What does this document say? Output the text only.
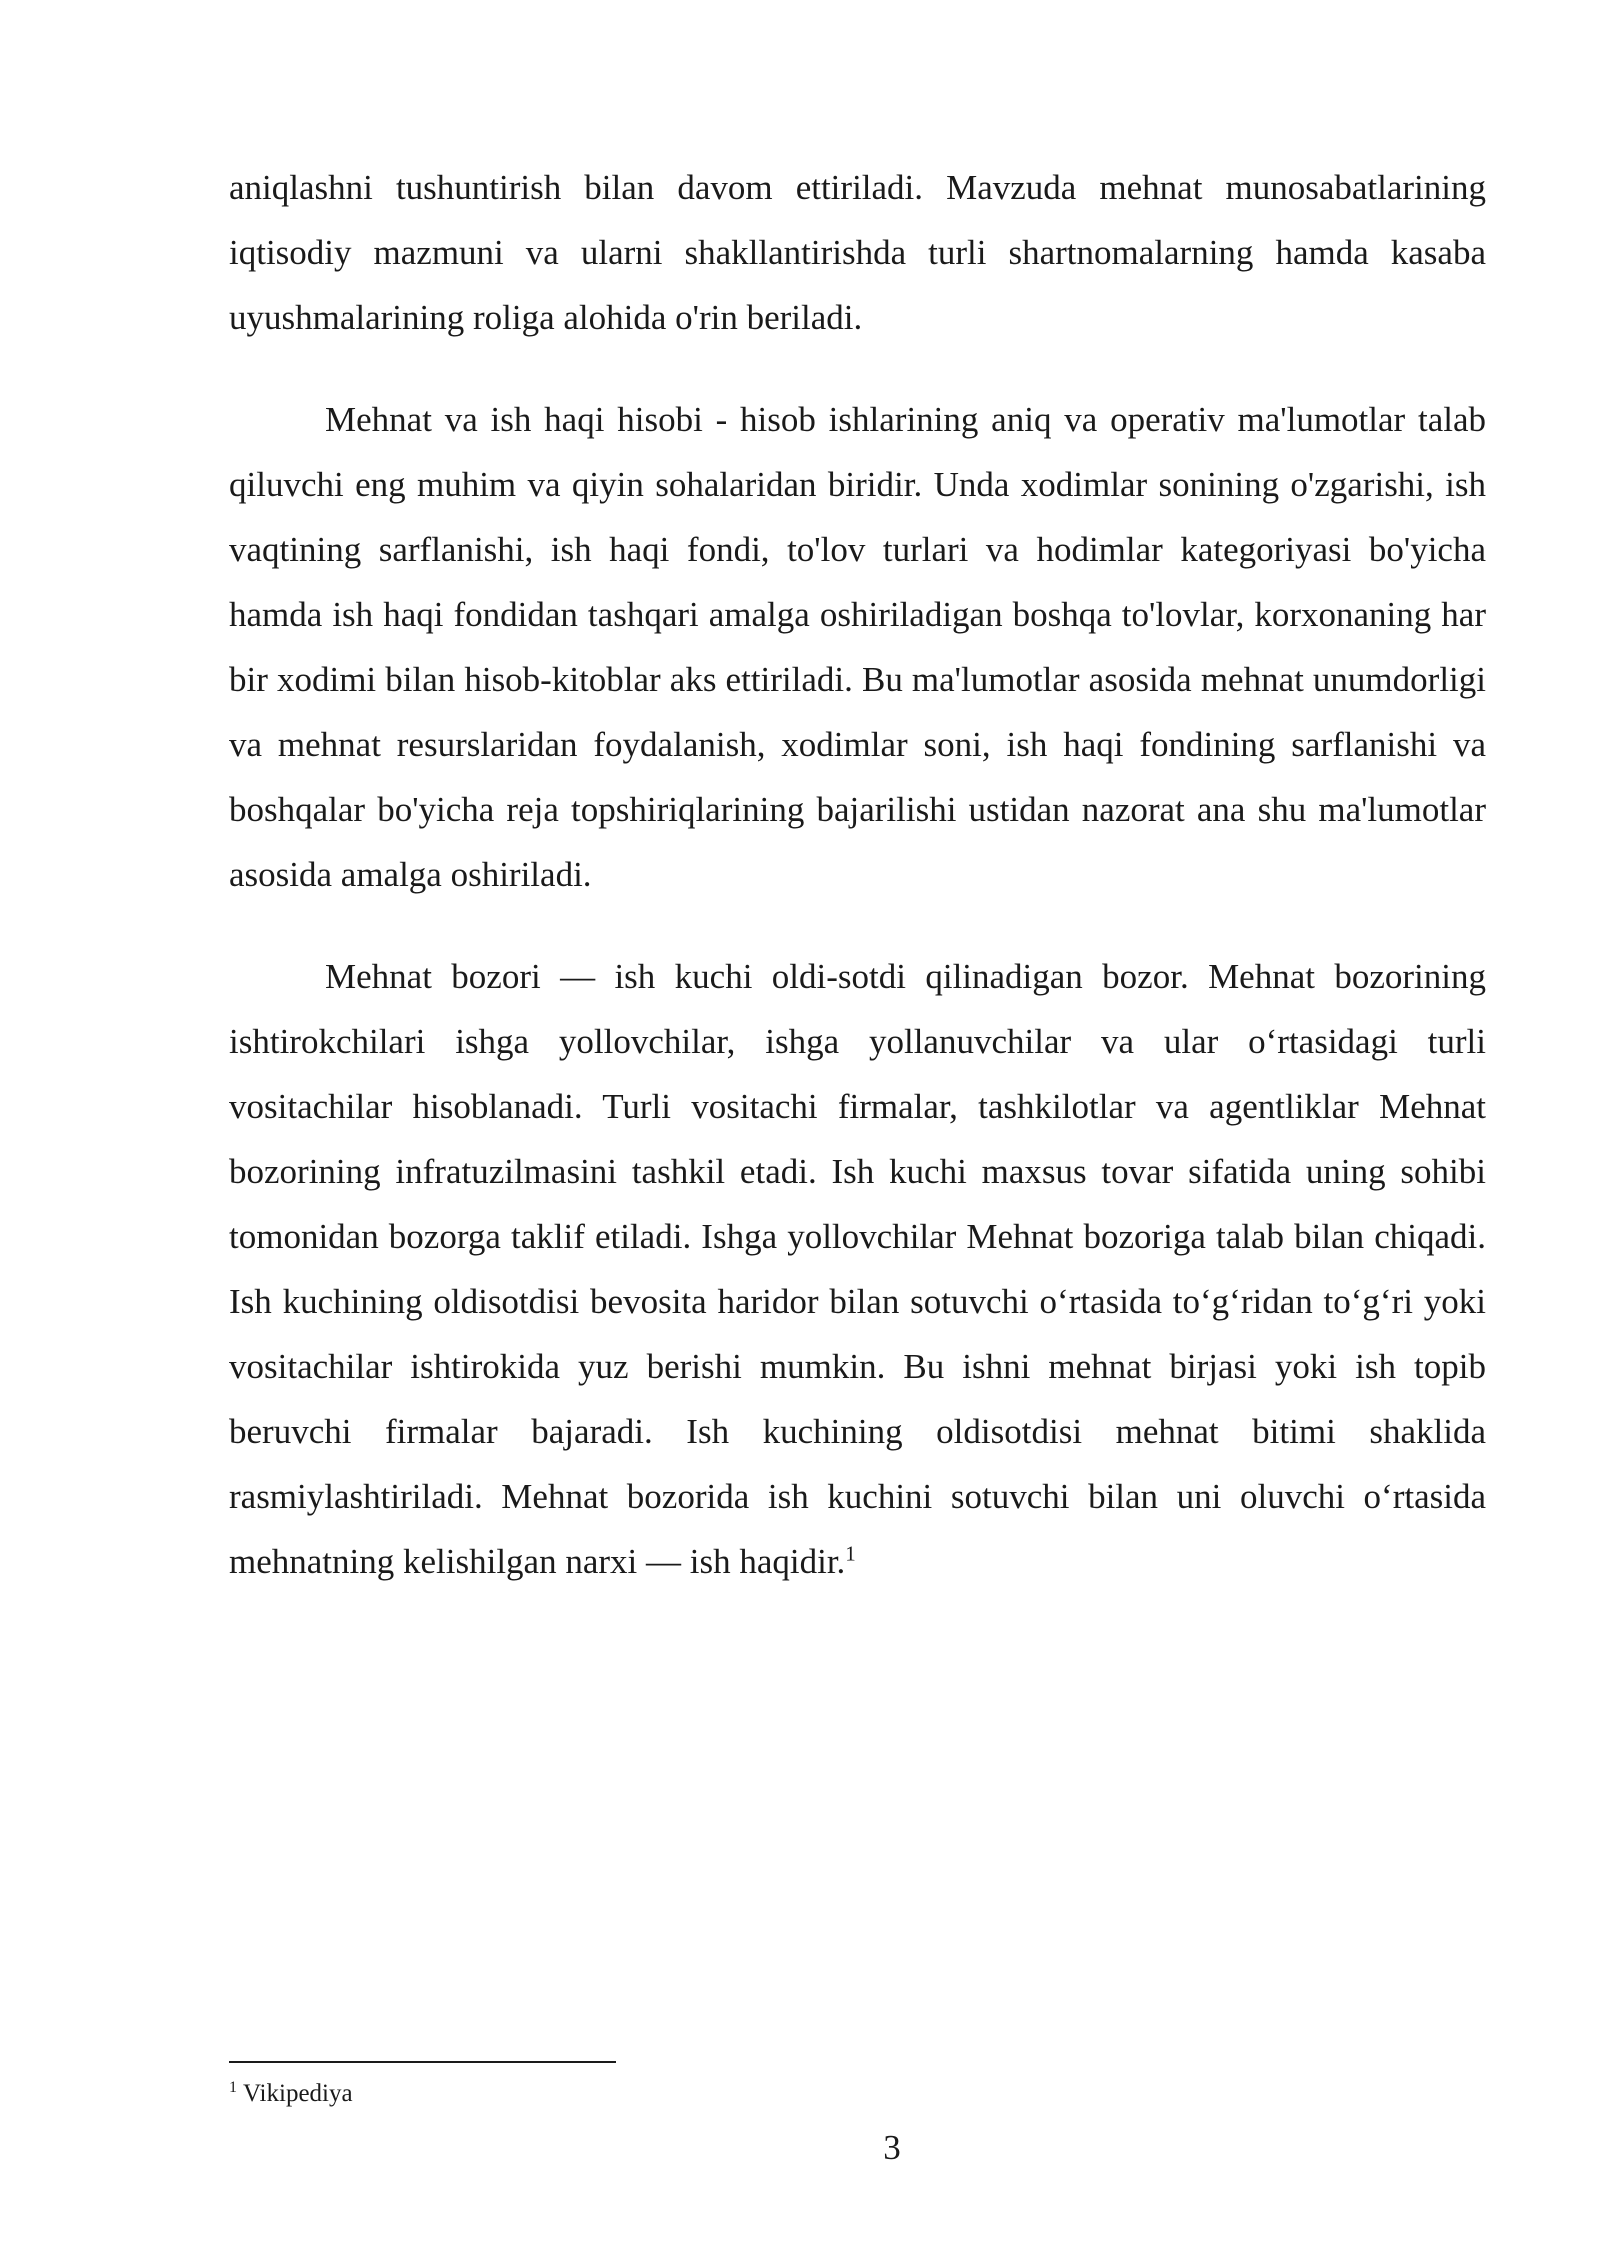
aniqlashni tushuntirish bilan davom ettiriladi. Mavzuda mehnat munosabatlarining iqtisodiy mazmuni va ularni shakllantirishda turli shartnomalarning hamda kasaba uyushmalarining roliga alohida o'rin beriladi.

Mehnat va ish haqi hisobi - hisob ishlarining aniq va operativ ma'lumotlar talab qiluvchi eng muhim va qiyin sohalaridan biridir. Unda xodimlar sonining o'zgarishi, ish vaqtining sarflanishi, ish haqi fondi, to'lov turlari va hodimlar kategoriyasi bo'yicha hamda ish haqi fondidan tashqari amalga oshiriladigan boshqa to'lovlar, korxonaning har bir xodimi bilan hisob-kitoblar aks ettiriladi. Bu ma'lumotlar asosida mehnat unumdorligi va mehnat resurslaridan foydalanish, xodimlar soni, ish haqi fondining sarflanishi va boshqalar bo'yicha reja topshiriqlarining bajarilishi ustidan nazorat ana shu ma'lumotlar asosida amalga oshiriladi.

Mehnat bozori — ish kuchi oldi-sotdi qilinadigan bozor. Mehnat bozorining ishtirokchilari ishga yollovchilar, ishga yollanuvchilar va ular o‘rtasidagi turli vositachilar hisoblanadi. Turli vositachi firmalar, tashkilotlar va agentliklar Mehnat bozorining infratuzilmasini tashkil etadi. Ish kuchi maxsus tovar sifatida uning sohibi tomonidan bozorga taklif etiladi. Ishga yollovchilar Mehnat bozoriga talab bilan chiqadi. Ish kuchining oldisotdisi bevosita haridor bilan sotuvchi o‘rtasida to‘g‘ridan to‘g‘ri yoki vositachilar ishtirokida yuz berishi mumkin. Bu ishni mehnat birjasi yoki ish topib beruvchi firmalar bajaradi. Ish kuchining oldisotdisi mehnat bitimi shaklida rasmiylashtiriladi. Mehnat bozorida ish kuchini sotuvchi bilan uni oluvchi o‘rtasida mehnatning kelishilgan narxi — ish haqidir.$^1$

$^1$ Vikipediya
3
